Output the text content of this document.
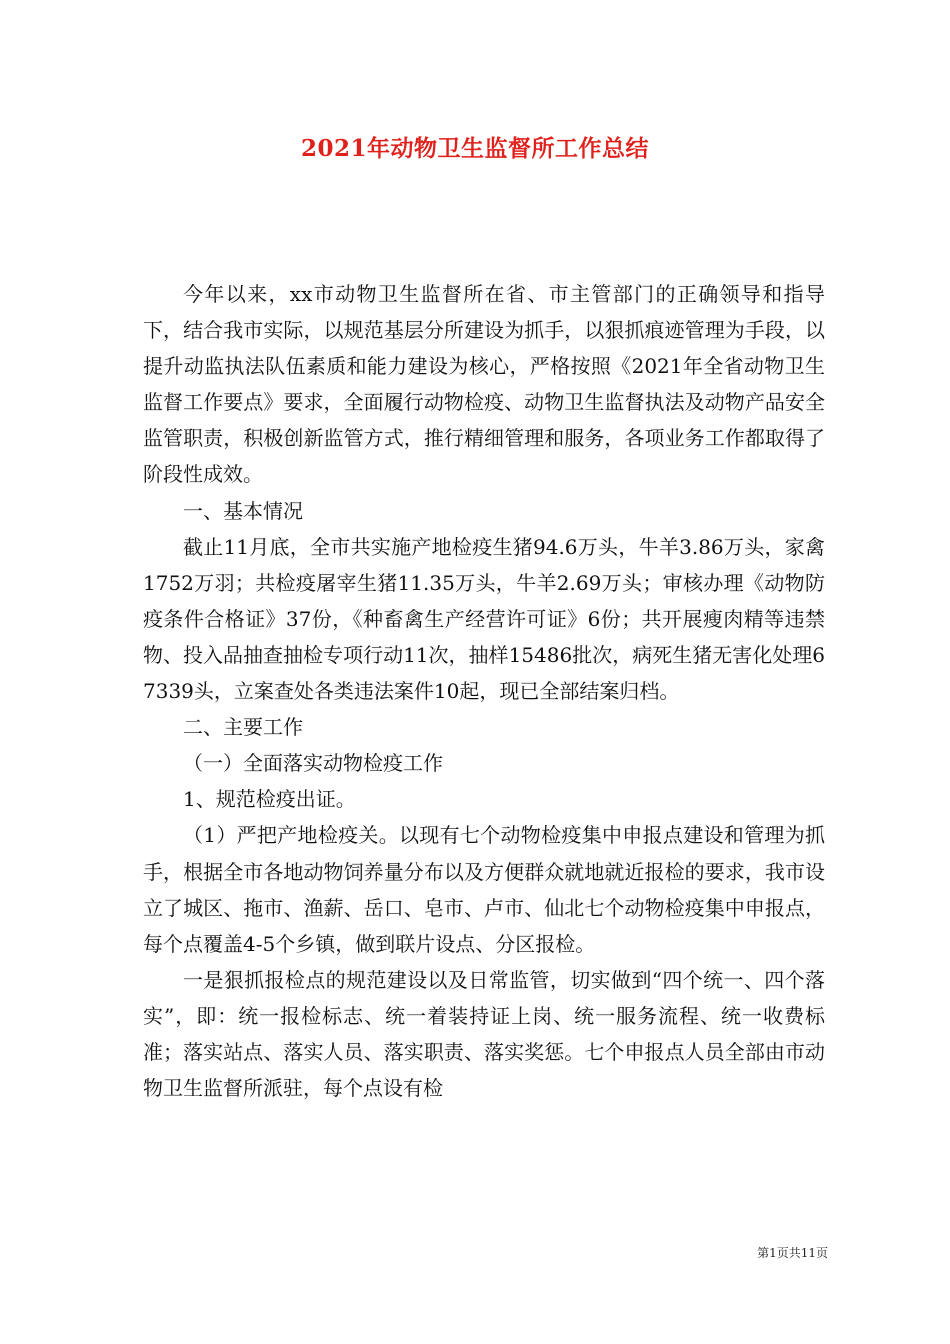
2021年动物卫生监督所工作总结

今年以来，xx市动物卫生监督所在省、市主管部门的正确领导和指导下，结合我市实际，以规范基层分所建设为抓手，以狠抓痕迹管理为手段，以提升动监执法队伍素质和能力建设为核心，严格按照《2021年全省动物卫生监督工作要点》要求，全面履行动物检疫、动物卫生监督执法及动物产品安全监管职责，积极创新监管方式，推行精细管理和服务，各项业务工作都取得了阶段性成效。

一、基本情况

截止11月底，全市共实施产地检疫生猪94.6万头，牛羊3.86万头，家禽1752万羽；共检疫屠宰生猪11.35万头，牛羊2.69万头；审核办理《动物防疫条件合格证》37份，《种畜禽生产经营许可证》6份；共开展瘦肉精等违禁物、投入品抽查抽检专项行动11次，抽样15486批次，病死生猪无害化处理67339头，立案查处各类违法案件10起，现已全部结案归档。

二、主要工作

（一）全面落实动物检疫工作

1、规范检疫出证。

（1）严把产地检疫关。以现有七个动物检疫集中申报点建设和管理为抓手，根据全市各地动物饲养量分布以及方便群众就地就近报检的要求，我市设立了城区、拖市、渔薪、岳口、皂市、卢市、仙北七个动物检疫集中申报点，每个点覆盖4-5个乡镇，做到联片设点、分区报检。

一是狠抓报检点的规范建设以及日常监管，切实做到“四个统一、四个落实”，即：统一报检标志、统一着装持证上岗、统一服务流程、统一收费标准；落实站点、落实人员、落实职责、落实奖惩。七个申报点人员全部由市动物卫生监督所派驻，每个点设有检

第1页共11页
